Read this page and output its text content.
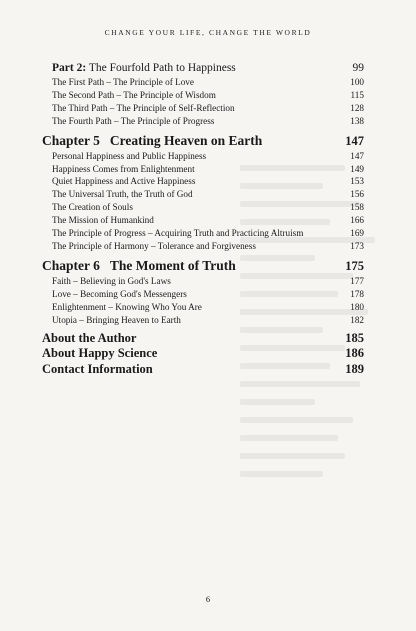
CHANGE YOUR LIFE, CHANGE THE WORLD
Part 2: The Fourfold Path to Happiness	99
The First Path – The Principle of Love	100
The Second Path – The Principle of Wisdom	115
The Third Path – The Principle of Self-Reflection	128
The Fourth Path – The Principle of Progress	138
Chapter 5 Creating Heaven on Earth	147
Personal Happiness and Public Happiness	147
Happiness Comes from Enlightenment	149
Quiet Happiness and Active Happiness	153
The Universal Truth, the Truth of God	156
The Creation of Souls	158
The Mission of Humankind	166
The Principle of Progress – Acquiring Truth and Practicing Altruism	169
The Principle of Harmony – Tolerance and Forgiveness	173
Chapter 6 The Moment of Truth	175
Faith – Believing in God's Laws	177
Love – Becoming God's Messengers	178
Enlightenment – Knowing Who You Are	180
Utopia – Bringing Heaven to Earth	182
About the Author	185
About Happy Science	186
Contact Information	189
6
